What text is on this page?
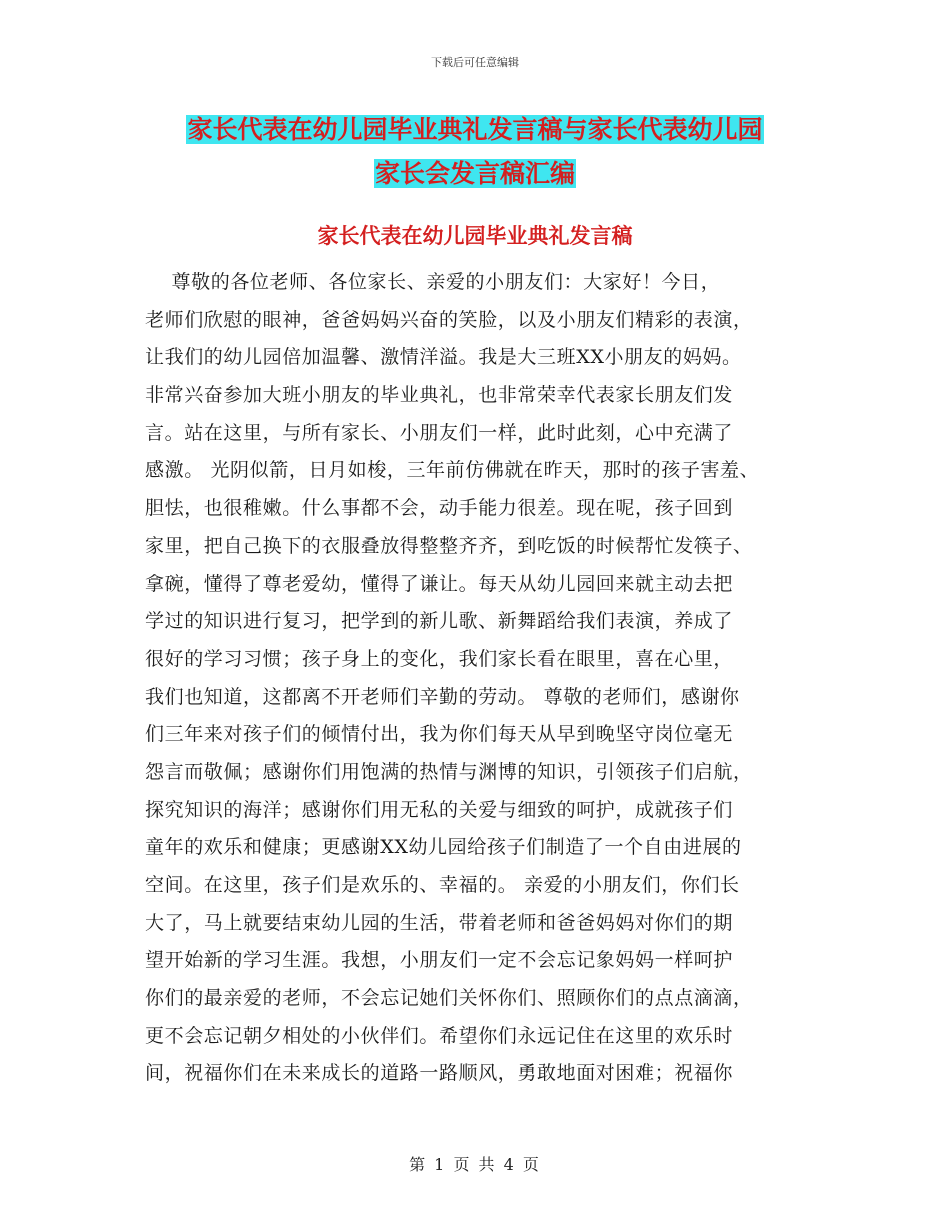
下载后可任意编辑
家长代表在幼儿园毕业典礼发言稿与家长代表幼儿园
家长会发言稿汇编
家长代表在幼儿园毕业典礼发言稿
尊敬的各位老师、各位家长、亲爱的小朋友们：大家好！今日，
老师们欣慰的眼神，爸爸妈妈兴奋的笑脸，以及小朋友们精彩的表演，
让我们的幼儿园倍加温馨、激情洋溢。我是大三班XX小朋友的妈妈。
非常兴奋参加大班小朋友的毕业典礼，也非常荣幸代表家长朋友们发
言。站在这里，与所有家长、小朋友们一样，此时此刻，心中充满了
感激。 光阴似箭，日月如梭，三年前仿佛就在昨天，那时的孩子害羞、
胆怯，也很稚嫩。什么事都不会，动手能力很差。现在呢，孩子回到
家里，把自己换下的衣服叠放得整整齐齐，到吃饭的时候帮忙发筷子、
拿碗，懂得了尊老爱幼，懂得了谦让。每天从幼儿园回来就主动去把
学过的知识进行复习，把学到的新儿歌、新舞蹈给我们表演，养成了
很好的学习习惯；孩子身上的变化，我们家长看在眼里，喜在心里，
我们也知道，这都离不开老师们辛勤的劳动。 尊敬的老师们，感谢你
们三年来对孩子们的倾情付出，我为你们每天从早到晚坚守岗位毫无
怨言而敬佩；感谢你们用饱满的热情与渊博的知识，引领孩子们启航，
探究知识的海洋；感谢你们用无私的关爱与细致的呵护，成就孩子们
童年的欢乐和健康；更感谢XX幼儿园给孩子们制造了一个自由进展的
空间。在这里，孩子们是欢乐的、幸福的。 亲爱的小朋友们，你们长
大了，马上就要结束幼儿园的生活，带着老师和爸爸妈妈对你们的期
望开始新的学习生涯。我想，小朋友们一定不会忘记象妈妈一样呵护
你们的最亲爱的老师，不会忘记她们关怀你们、照顾你们的点点滴滴，
更不会忘记朝夕相处的小伙伴们。希望你们永远记住在这里的欢乐时
间，祝福你们在未来成长的道路一路顺风，勇敢地面对困难；祝福你
第 1 页 共 4 页
